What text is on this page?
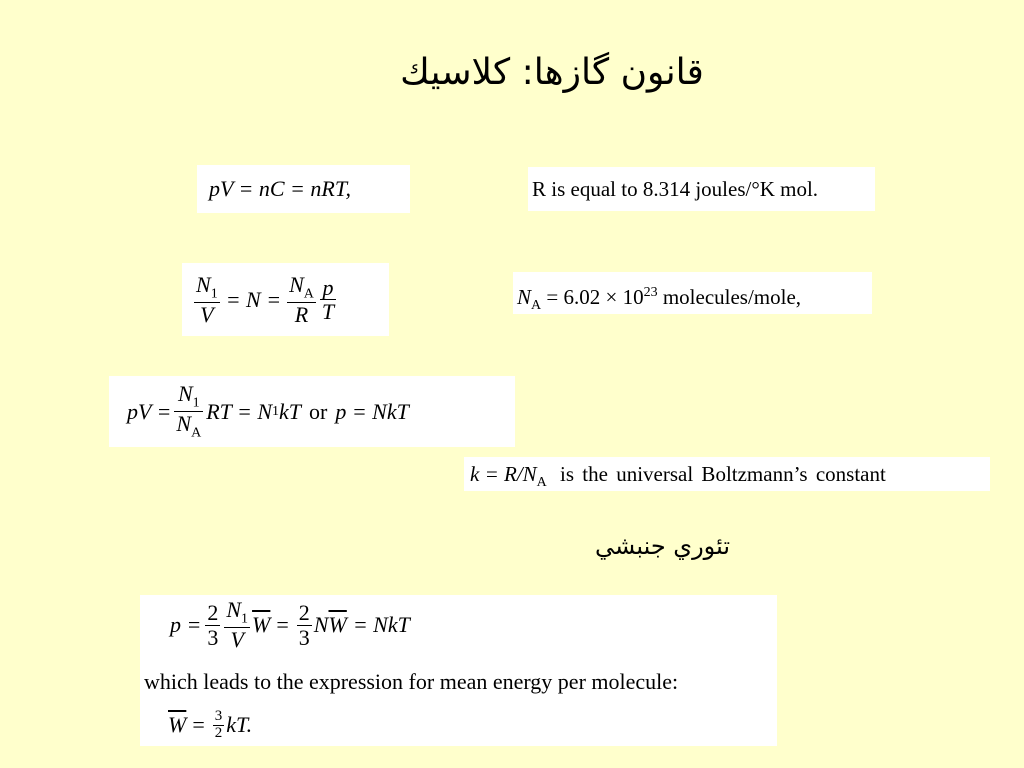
قانون گازها: كلاسيك
pV = nC = nRT,	R is equal to 8.314 joules/°K mol.
$\frac{N_1}{V} = N = \frac{N_A}{R} \frac{p}{T}$	$N_A = 6.02 \times 10^{23}$ molecules/mole,
pV = $\frac{N_1}{N_A}$ RT = N 1 kT or p = NkT
$k = R/N_A$ is the universal Boltzmann’s constant
تئوري جنبشي
$p = \frac{2}{3} \frac{N_1}{V} \overline{W} = \frac{2}{3}$ N $\overline{W}$ = NkT
which leads to the expression for mean energy per molecule:
$\overline{W} = \frac{3}{2}$ kT.
